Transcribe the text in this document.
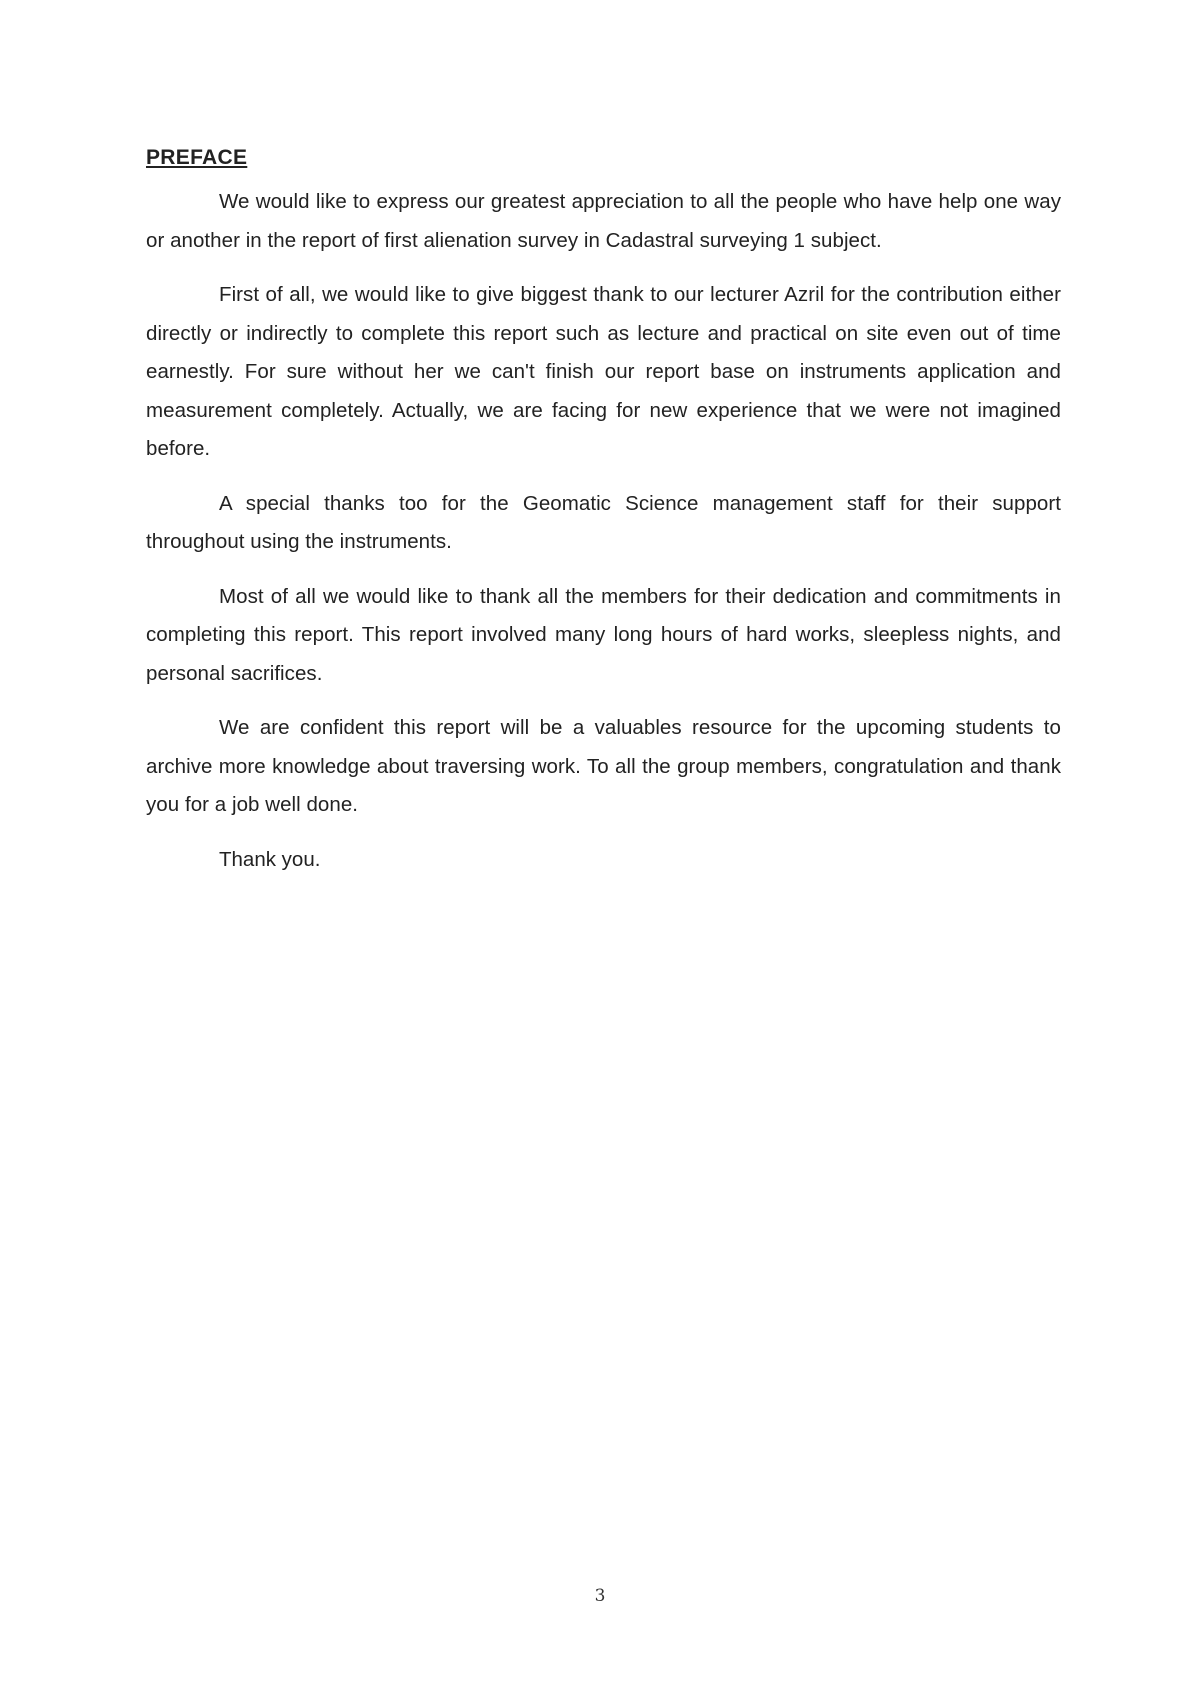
PREFACE

We would like to express our greatest appreciation to all the people who have help one way or another in the report of first alienation survey in Cadastral surveying 1 subject.

First of all, we would like to give biggest thank to our lecturer Azril for the contribution either directly or indirectly to complete this report such as lecture and practical on site even out of time earnestly. For sure without her we can't finish our report base on instruments application and measurement completely. Actually, we are facing for new experience that we were not imagined before.

A special thanks too for the Geomatic Science management staff for their support throughout using the instruments.

Most of all we would like to thank all the members for their dedication and commitments in completing this report. This report involved many long hours of hard works, sleepless nights, and personal sacrifices.

We are confident this report will be a valuables resource for the upcoming students to archive more knowledge about traversing work. To all the group members, congratulation and thank you for a job well done.

Thank you.

3
